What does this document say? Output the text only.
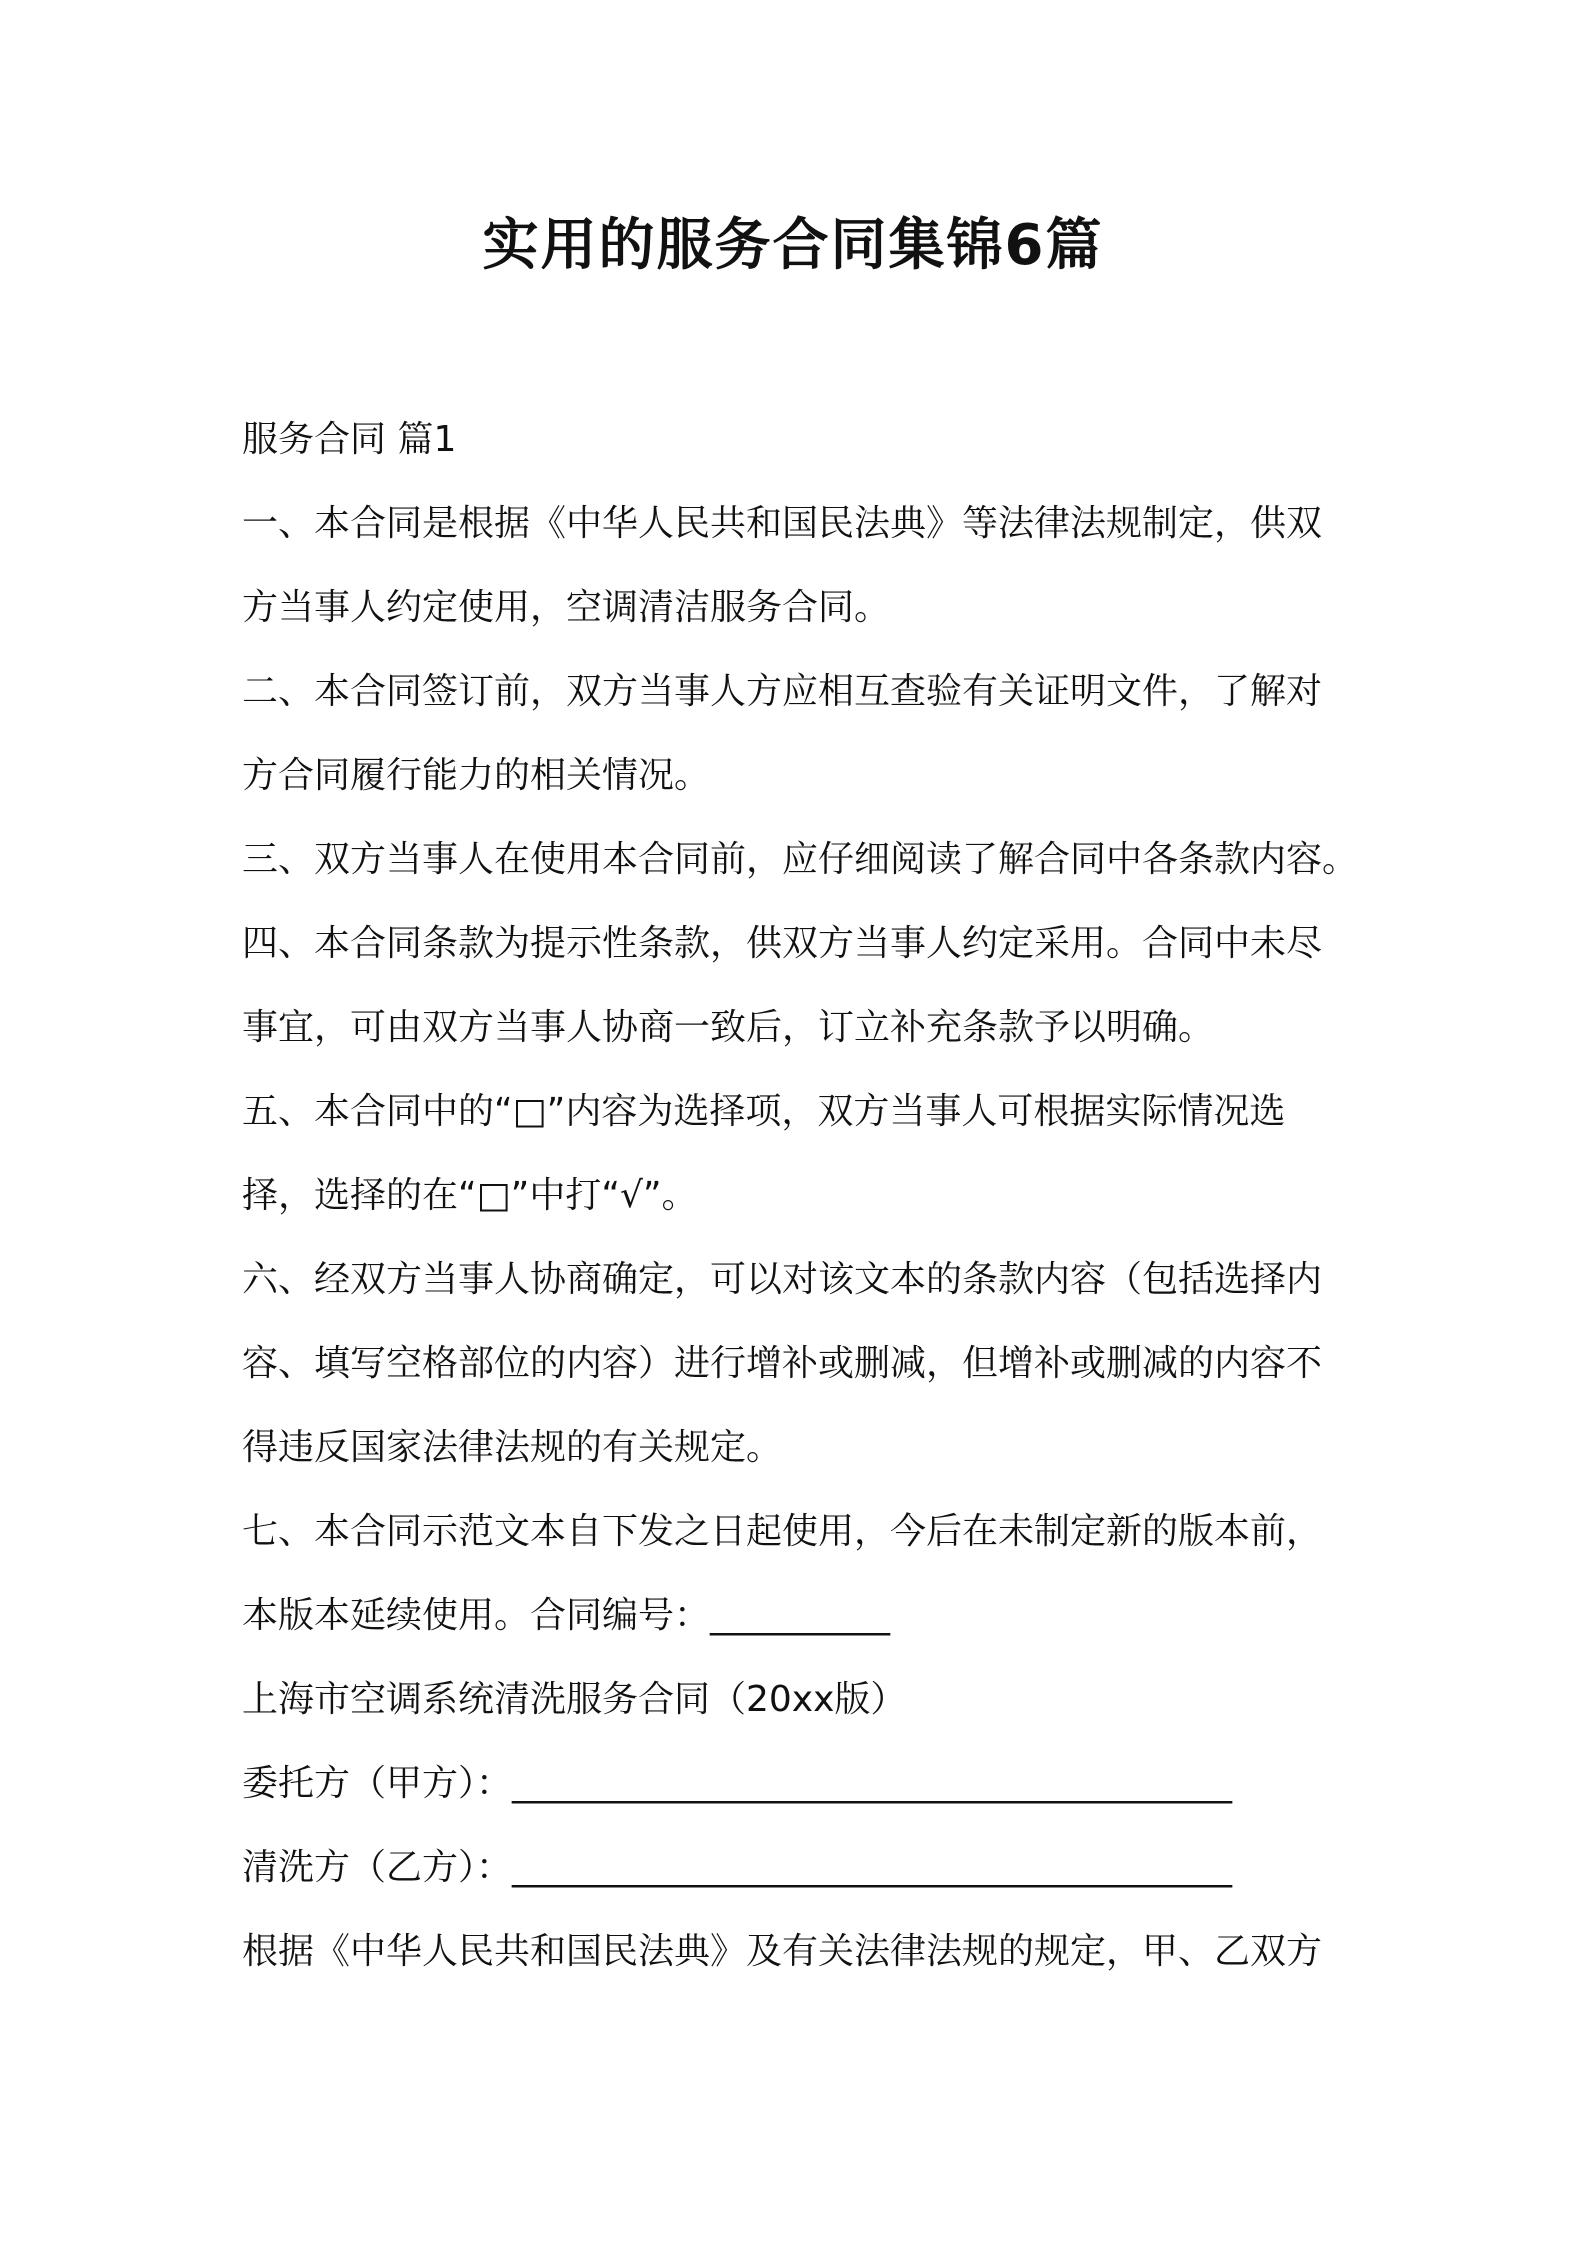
实用的服务合同集锦6篇
服务合同 篇1
一、本合同是根据《中华人民共和国民法典》等法律法规制定，供双
方当事人约定使用，空调清洁服务合同。
二、本合同签订前，双方当事人方应相互查验有关证明文件，了解对
方合同履行能力的相关情况。
三、双方当事人在使用本合同前，应仔细阅读了解合同中各条款内容。
四、本合同条款为提示性条款，供双方当事人约定采用。合同中未尽
事宜，可由双方当事人协商一致后，订立补充条款予以明确。
五、本合同中的“□”内容为选择项，双方当事人可根据实际情况选
择，选择的在“□”中打“√”。
六、经双方当事人协商确定，可以对该文本的条款内容（包括选择内
容、填写空格部位的内容）进行增补或删减，但增补或删减的内容不
得违反国家法律法规的有关规定。
七、本合同示范文本自下发之日起使用，今后在未制定新的版本前，
本版本延续使用。合同编号：__________
上海市空调系统清洗服务合同（20xx版）
委托方（甲方）：________________________________________
清洗方（乙方）：________________________________________
根据《中华人民共和国民法典》及有关法律法规的规定，甲、乙双方
